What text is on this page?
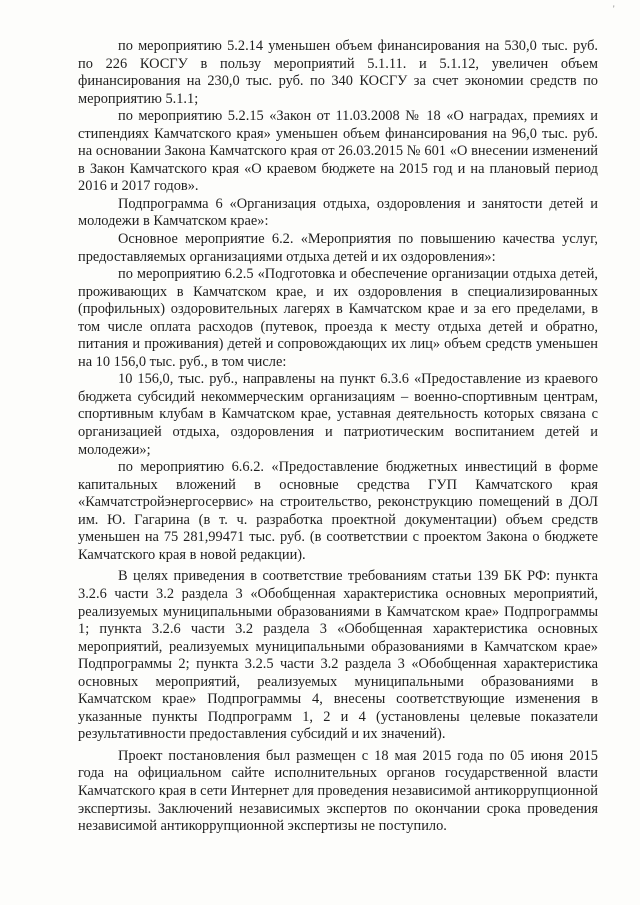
'

по мероприятию 5.2.14 уменьшен объем финансирования на 530,0 тыс. руб. по 226 КОСГУ в пользу мероприятий 5.1.11. и 5.1.12, увеличен объем финансирования на 230,0 тыс. руб. по 340 КОСГУ за счет экономии средств по мероприятию 5.1.1;

по мероприятию 5.2.15 «Закон от 11.03.2008 № 18 «О наградах, премиях и стипендиях Камчатского края» уменьшен объем финансирования на 96,0 тыс. руб. на основании Закона Камчатского края от 26.03.2015 № 601 «О внесении изменений в Закон Камчатского края «О краевом бюджете на 2015 год и на плановый период 2016 и 2017 годов».

Подпрограмма 6 «Организация отдыха, оздоровления и занятости детей и молодежи в Камчатском крае»:

Основное мероприятие 6.2. «Мероприятия по повышению качества услуг, предоставляемых организациями отдыха детей и их оздоровления»:

по мероприятию 6.2.5 «Подготовка и обеспечение организации отдыха детей, проживающих в Камчатском крае, и их оздоровления в специализированных (профильных) оздоровительных лагерях в Камчатском крае и за его пределами, в том числе оплата расходов (путевок, проезда к месту отдыха детей и обратно, питания и проживания) детей и сопровождающих их лиц» объем средств уменьшен на 10 156,0 тыс. руб., в том числе:

10 156,0, тыс. руб., направлены на пункт 6.3.6 «Предоставление из краевого бюджета субсидий некоммерческим организациям – военно-спортивным центрам, спортивным клубам в Камчатском крае, уставная деятельность которых связана с организацией отдыха, оздоровления и патриотическим воспитанием детей и молодежи»;

по мероприятию 6.6.2. «Предоставление бюджетных инвестиций в форме капитальных вложений в основные средства ГУП Камчатского края «Камчатстройэнергосервис» на строительство, реконструкцию помещений в ДОЛ им. Ю. Гагарина (в т. ч. разработка проектной документации) объем средств уменьшен на 75 281,99471 тыс. руб. (в соответствии с проектом Закона о бюджете Камчатского края в новой редакции).

В целях приведения в соответствие требованиям статьи 139 БК РФ: пункта 3.2.6 части 3.2 раздела 3 «Обобщенная характеристика основных мероприятий, реализуемых муниципальными образованиями в Камчатском крае» Подпрограммы 1; пункта 3.2.6 части 3.2 раздела 3 «Обобщенная характеристика основных мероприятий, реализуемых муниципальными образованиями в Камчатском крае» Подпрограммы 2; пункта 3.2.5 части 3.2 раздела 3 «Обобщенная характеристика основных мероприятий, реализуемых муниципальными образованиями в Камчатском крае» Подпрограммы 4, внесены соответствующие изменения в указанные пункты Подпрограмм 1, 2 и 4 (установлены целевые показатели результативности предоставления субсидий и их значений).

Проект постановления был размещен с 18 мая 2015 года по 05 июня 2015 года на официальном сайте исполнительных органов государственной власти Камчатского края в сети Интернет для проведения независимой антикоррупционной экспертизы. Заключений независимых экспертов по окончании срока проведения независимой антикоррупционной экспертизы не поступило.
